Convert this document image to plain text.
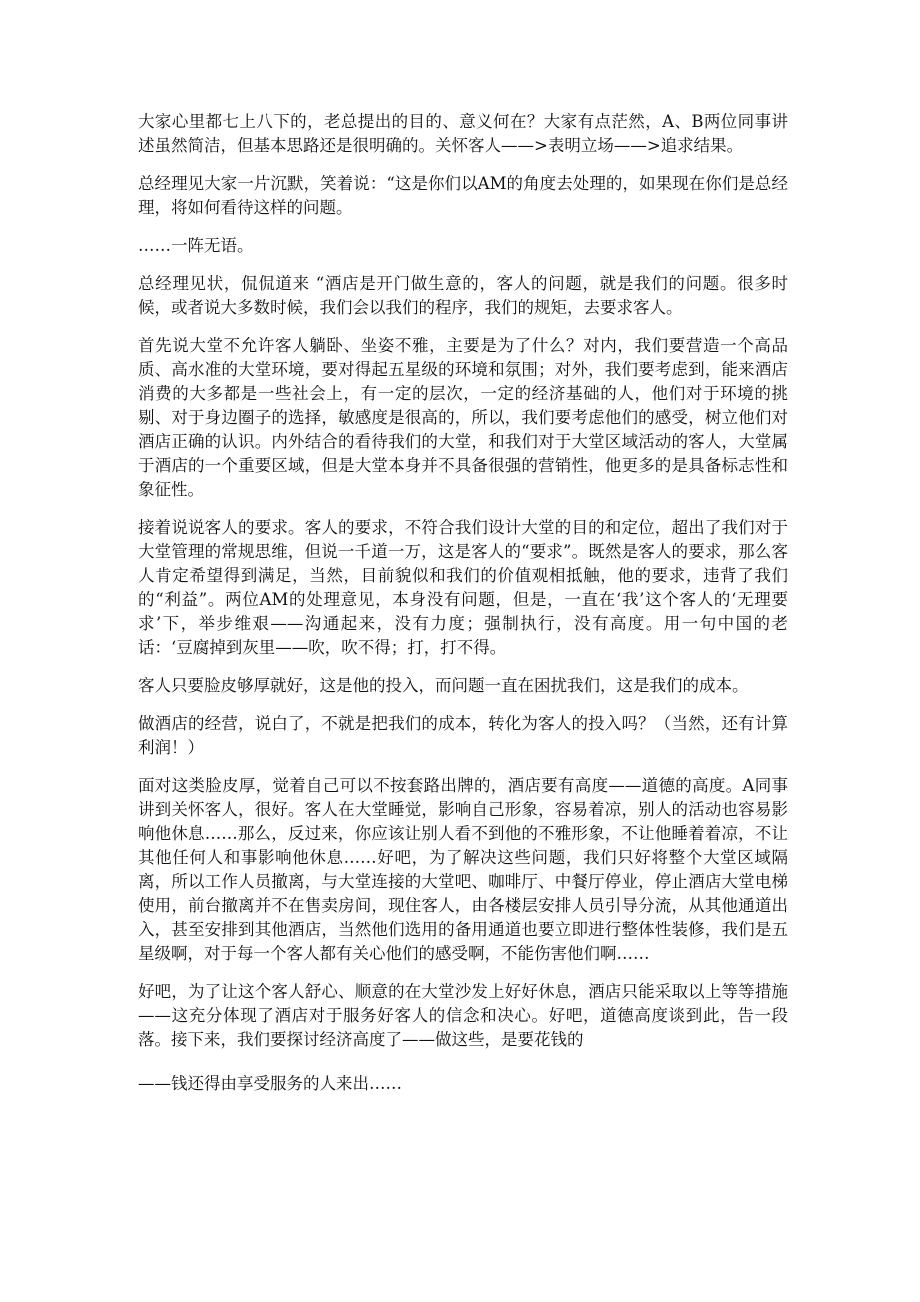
大家心里都七上八下的，老总提出的目的、意义何在？大家有点茫然，A、B两位同事讲述虽然简洁，但基本思路还是很明确的。关怀客人——>表明立场——>追求结果。

总经理见大家一片沉默，笑着说：“这是你们以AM的角度去处理的，如果现在你们是总经理，将如何看待这样的问题。

……一阵无语。

总经理见状，侃侃道来 “酒店是开门做生意的，客人的问题，就是我们的问题。很多时候，或者说大多数时候，我们会以我们的程序，我们的规矩，去要求客人。

首先说大堂不允许客人躺卧、坐姿不雅，主要是为了什么？对内，我们要营造一个高品质、高水准的大堂环境，要对得起五星级的环境和氛围；对外，我们要考虑到，能来酒店消费的大多都是一些社会上，有一定的层次，一定的经济基础的人，他们对于环境的挑剔、对于身边圈子的选择，敏感度是很高的，所以，我们要考虑他们的感受，树立他们对酒店正确的认识。内外结合的看待我们的大堂，和我们对于大堂区域活动的客人，大堂属于酒店的一个重要区域，但是大堂本身并不具备很强的营销性，他更多的是具备标志性和象征性。

接着说说客人的要求。客人的要求，不符合我们设计大堂的目的和定位，超出了我们对于大堂管理的常规思维，但说一千道一万，这是客人的“要求”。既然是客人的要求，那么客人肯定希望得到满足，当然，目前貌似和我们的价值观相抵触，他的要求，违背了我们的“利益”。两位AM的处理意见，本身没有问题，但是，一直在‘我’这个客人的‘无理要求’下，举步维艰——沟通起来，没有力度；强制执行，没有高度。用一句中国的老话：‘豆腐掉到灰里——吹，吹不得；打，打不得。

客人只要脸皮够厚就好，这是他的投入，而问题一直在困扰我们，这是我们的成本。

做酒店的经营，说白了，不就是把我们的成本，转化为客人的投入吗？（当然，还有计算利润！）

面对这类脸皮厚，觉着自己可以不按套路出牌的，酒店要有高度——道德的高度。A同事讲到关怀客人，很好。客人在大堂睡觉，影响自己形象，容易着凉，别人的活动也容易影响他休息……那么，反过来，你应该让别人看不到他的不雅形象，不让他睡着着凉，不让其他任何人和事影响他休息……好吧，为了解决这些问题，我们只好将整个大堂区域隔离，所以工作人员撤离，与大堂连接的大堂吧、咖啡厅、中餐厅停业，停止酒店大堂电梯使用，前台撤离并不在售卖房间，现住客人，由各楼层安排人员引导分流，从其他通道出入，甚至安排到其他酒店，当然他们选用的备用通道也要立即进行整体性装修，我们是五星级啊，对于每一个客人都有关心他们的感受啊，不能伤害他们啊……

好吧，为了让这个客人舒心、顺意的在大堂沙发上好好休息，酒店只能采取以上等等措施——这充分体现了酒店对于服务好客人的信念和决心。好吧，道德高度谈到此，告一段落。接下来，我们要探讨经济高度了——做这些，是要花钱的

——钱还得由享受服务的人来出……
